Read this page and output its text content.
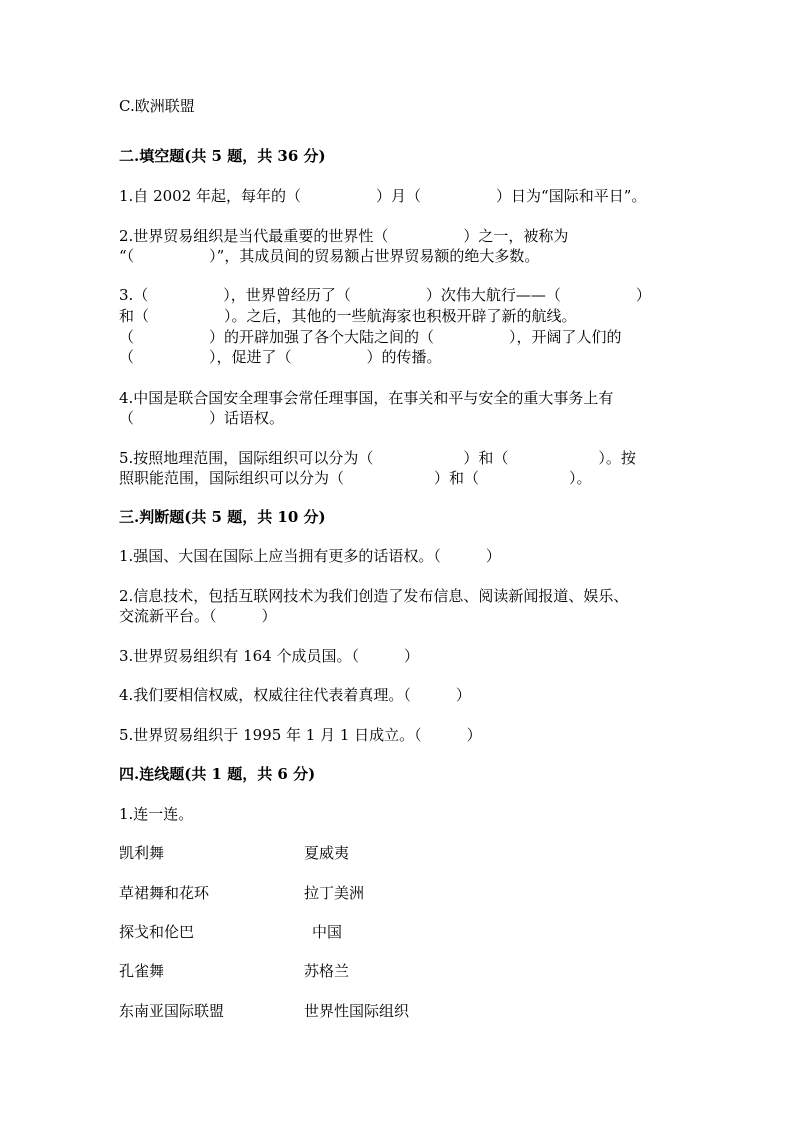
C.欧洲联盟
二.填空题(共 5 题，共 36 分)
1.自 2002 年起，每年的（　　　　　）月（　　　　　）日为“国际和平日”。
2.世界贸易组织是当代最重要的世界性（　　　　　）之一，被称为
“（　　　　　）”，其成员间的贸易额占世界贸易额的绝大多数。
3.（　　　　　），世界曾经历了（　　　　　）次伟大航行——（　　　　　）
和（　　　　　）。之后，其他的一些航海家也积极开辟了新的航线。
（　　　　　）的开辟加强了各个大陆之间的（　　　　　），开阔了人们的
（　　　　　），促进了（　　　　　）的传播。
4.中国是联合国安全理事会常任理事国，在事关和平与安全的重大事务上有
（　　　　　）话语权。
5.按照地理范围，国际组织可以分为（　　　　　　）和（　　　　　　）。按
照职能范围，国际组织可以分为（　　　　　　）和（　　　　　　）。
三.判断题(共 5 题，共 10 分)
1.强国、大国在国际上应当拥有更多的话语权。（　　　）
2.信息技术，包括互联网技术为我们创造了发布信息、阅读新闻报道、娱乐、
交流新平台。（　　　）
3.世界贸易组织有 164 个成员国。（　　　）
4.我们要相信权威，权威往往代表着真理。（　　　）
5.世界贸易组织于 1995 年 1 月 1 日成立。（　　　）
四.连线题(共 1 题，共 6 分)
1.连一连。
凯利舞	夏威夷
草裙舞和花环	拉丁美洲
探戈和伦巴	中国
孔雀舞	苏格兰
东南亚国际联盟	世界性国际组织
